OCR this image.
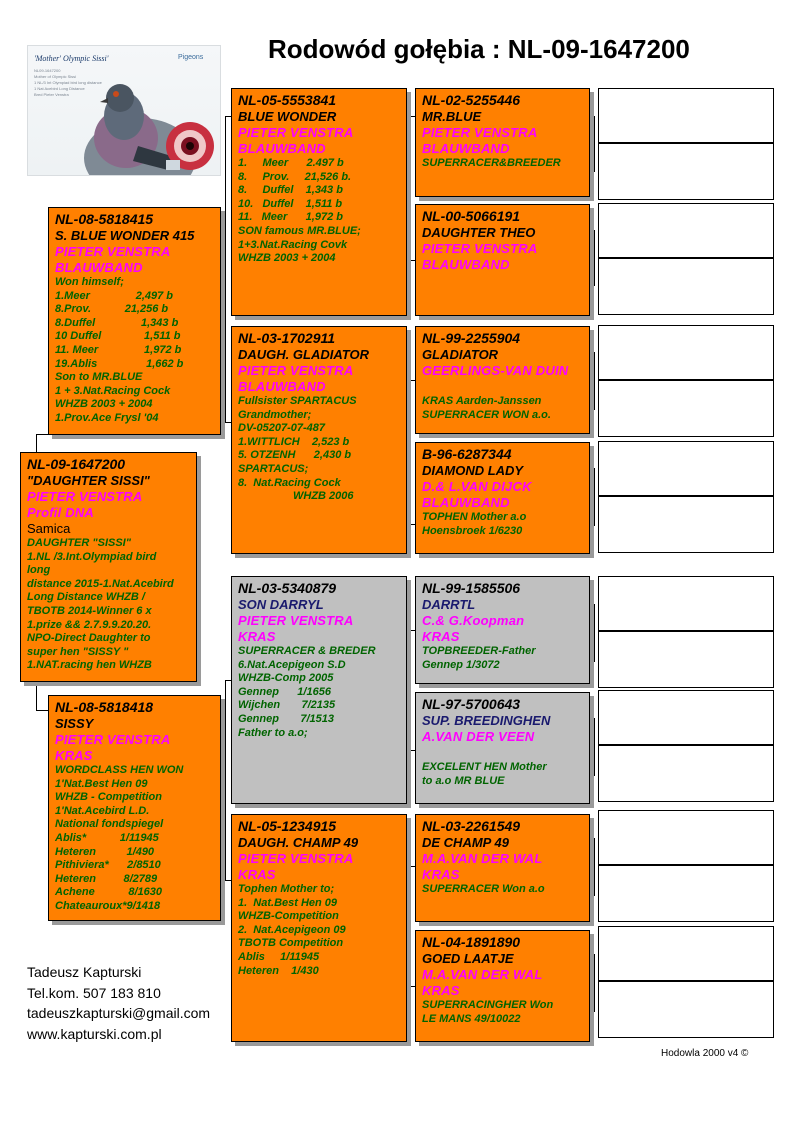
Rodowód gołębia : NL-09-1647200
'Mother' Olympic Sissi'	Pigeons
NL09-1647200
Mother of Olympic Sissi
1 NL/3 Int Olympiad bird long distance
1 Nat Acebird Long Distance
Bred Pieter Venstra
NL-09-1647200
"DAUGHTER SISSI"
PIETER VENSTRA
Profil DNA
Samica
DAUGHTER "SISSI"
1.NL /3.Int.Olympiad bird
long
distance 2015-1.Nat.Acebird
Long Distance WHZB /
TBOTB 2014-Winner 6 x
1.prize && 2.7.9.9.20.20.
NPO-Direct Daughter to
super hen "SISSY "
1.NAT.racing hen WHZB
NL-08-5818415
S. BLUE WONDER 415
PIETER VENSTRA
BLAUWBAND
Won himself;
1.Meer               2,497 b
8.Prov.           21,256 b
8.Duffel               1,343 b
10 Duffel              1,511 b
11. Meer               1,972 b
19.Ablis                1,662 b
Son to MR.BLUE
1 + 3.Nat.Racing Cock
WHZB 2003 + 2004
1.Prov.Ace Frysl '04
NL-08-5818418
SISSY
PIETER VENSTRA
KRAS
WORDCLASS HEN WON
1'Nat.Best Hen 09
WHZB - Competition
1'Nat.Acebird L.D.
National fondspiegel
Ablis*           1/11945
Heteren          1/490
Pithiviera*      2/8510
Heteren         8/2789
Achene           8/1630
Chateauroux*9/1418
NL-05-5553841
BLUE WONDER
PIETER VENSTRA
BLAUWBAND
1.     Meer      2.497 b
8.     Prov.     21,526 b.
8.     Duffel    1,343 b
10.   Duffel    1,511 b
11.   Meer      1,972 b
SON famous MR.BLUE;
1+3.Nat.Racing Covk
WHZB 2003 + 2004
NL-03-1702911
DAUGH. GLADIATOR
PIETER VENSTRA
BLAUWBAND
Fullsister SPARTACUS
Grandmother;
DV-05207-07-487
1.WITTLICH    2,523 b
5. OTZENH      2,430 b
SPARTACUS;
8.  Nat.Racing Cock
WHZB 2006
NL-03-5340879
SON DARRYL
PIETER VENSTRA
KRAS
SUPERRACER & BREDER
6.Nat.Acepigeon S.D
WHZB-Comp 2005
Gennep      1/1656
Wijchen       7/2135
Gennep       7/1513
Father to a.o;
NL-05-1234915
DAUGH. CHAMP 49
PIETER VENSTRA
KRAS
Tophen Mother to;
1.  Nat.Best Hen 09
WHZB-Competition
2.  Nat.Acepigeon 09
TBOTB Competition
Ablis     1/11945
Heteren    1/430
NL-02-5255446
MR.BLUE
PIETER VENSTRA
BLAUWBAND
SUPERRACER&BREEDER
NL-00-5066191
DAUGHTER THEO
PIETER VENSTRA
BLAUWBAND
NL-99-2255904
GLADIATOR
GEERLINGS-VAN DUIN
KRAS Aarden-Janssen
SUPERRACER WON a.o.
B-96-6287344
DIAMOND LADY
D.& L.VAN DIJCK
BLAUWBAND
TOPHEN Mother a.o
Hoensbroek 1/6230
NL-99-1585506
DARRTL
C.& G.Koopman
KRAS
TOPBREEDER-Father
Gennep 1/3072
NL-97-5700643
SUP. BREEDINGHEN
A.VAN DER VEEN
EXCELENT HEN Mother
to a.o MR BLUE
NL-03-2261549
DE CHAMP 49
M.A.VAN DER WAL
KRAS
SUPERRACER Won a.o
NL-04-1891890
GOED LAATJE
M.A.VAN DER WAL
KRAS
SUPERRACINGHER Won
LE MANS 49/10022
Tadeusz Kapturski
Tel.kom. 507 183 810
tadeuszkapturski@gmail.com
www.kapturski.com.pl
Hodowla 2000 v4 ©
